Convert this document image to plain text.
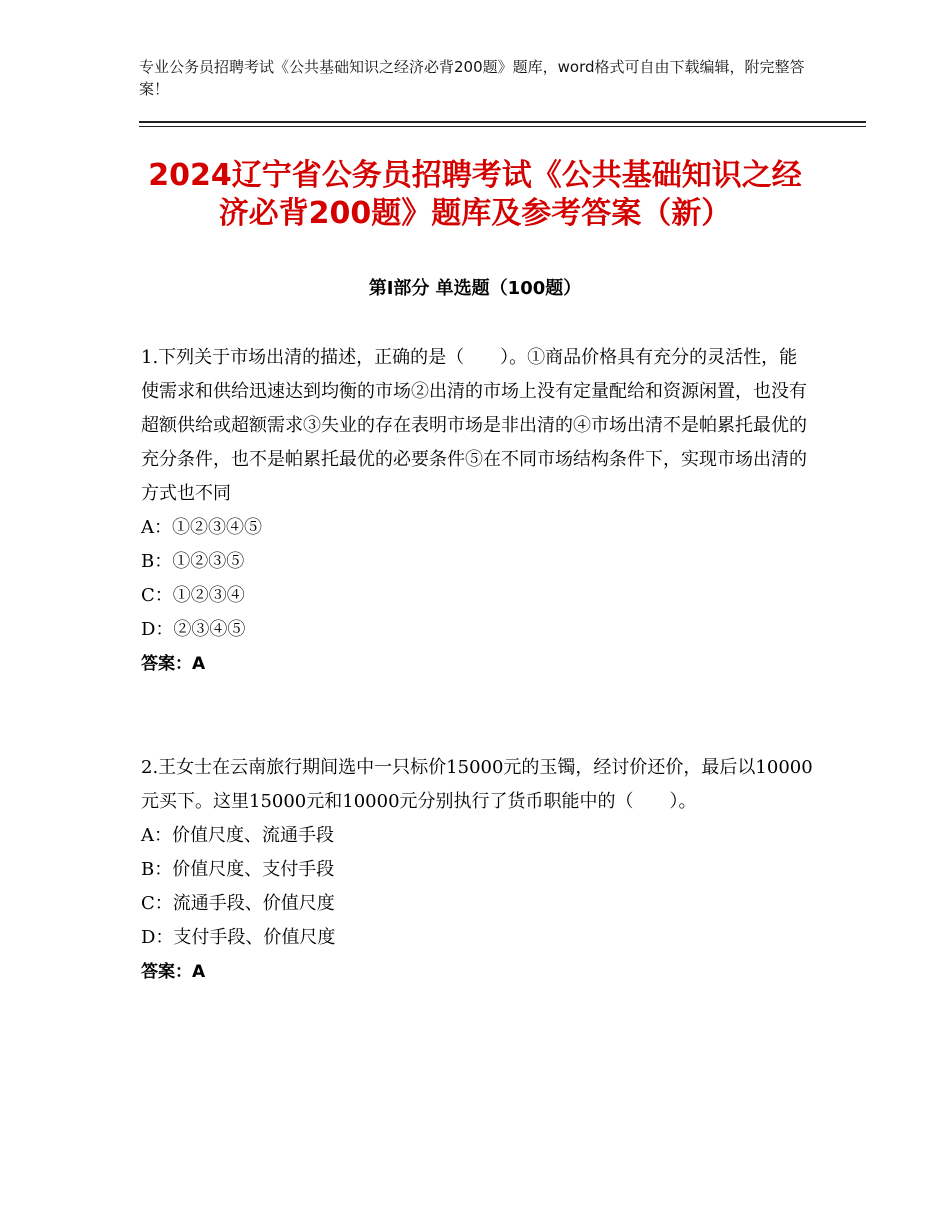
专业公务员招聘考试《公共基础知识之经济必背200题》题库，word格式可自由下载编辑，附完整答案！
2024辽宁省公务员招聘考试《公共基础知识之经济必背200题》题库及参考答案（新）
第Ⅰ部分 单选题（100题）

1.下列关于市场出清的描述，正确的是（　　）。①商品价格具有充分的灵活性，能使需求和供给迅速达到均衡的市场②出清的市场上没有定量配给和资源闲置，也没有超额供给或超额需求③失业的存在表明市场是非出清的④市场出清不是帕累托最优的充分条件，也不是帕累托最优的必要条件⑤在不同市场结构条件下，实现市场出清的方式也不同

A：①②③④⑤

B：①②③⑤

C：①②③④

D：②③④⑤

答案：A

2.王女士在云南旅行期间选中一只标价15000元的玉镯，经讨价还价，最后以10000元买下。这里15000元和10000元分别执行了货币职能中的（　　）。

A：价值尺度、流通手段

B：价值尺度、支付手段

C：流通手段、价值尺度

D：支付手段、价值尺度

答案：A
